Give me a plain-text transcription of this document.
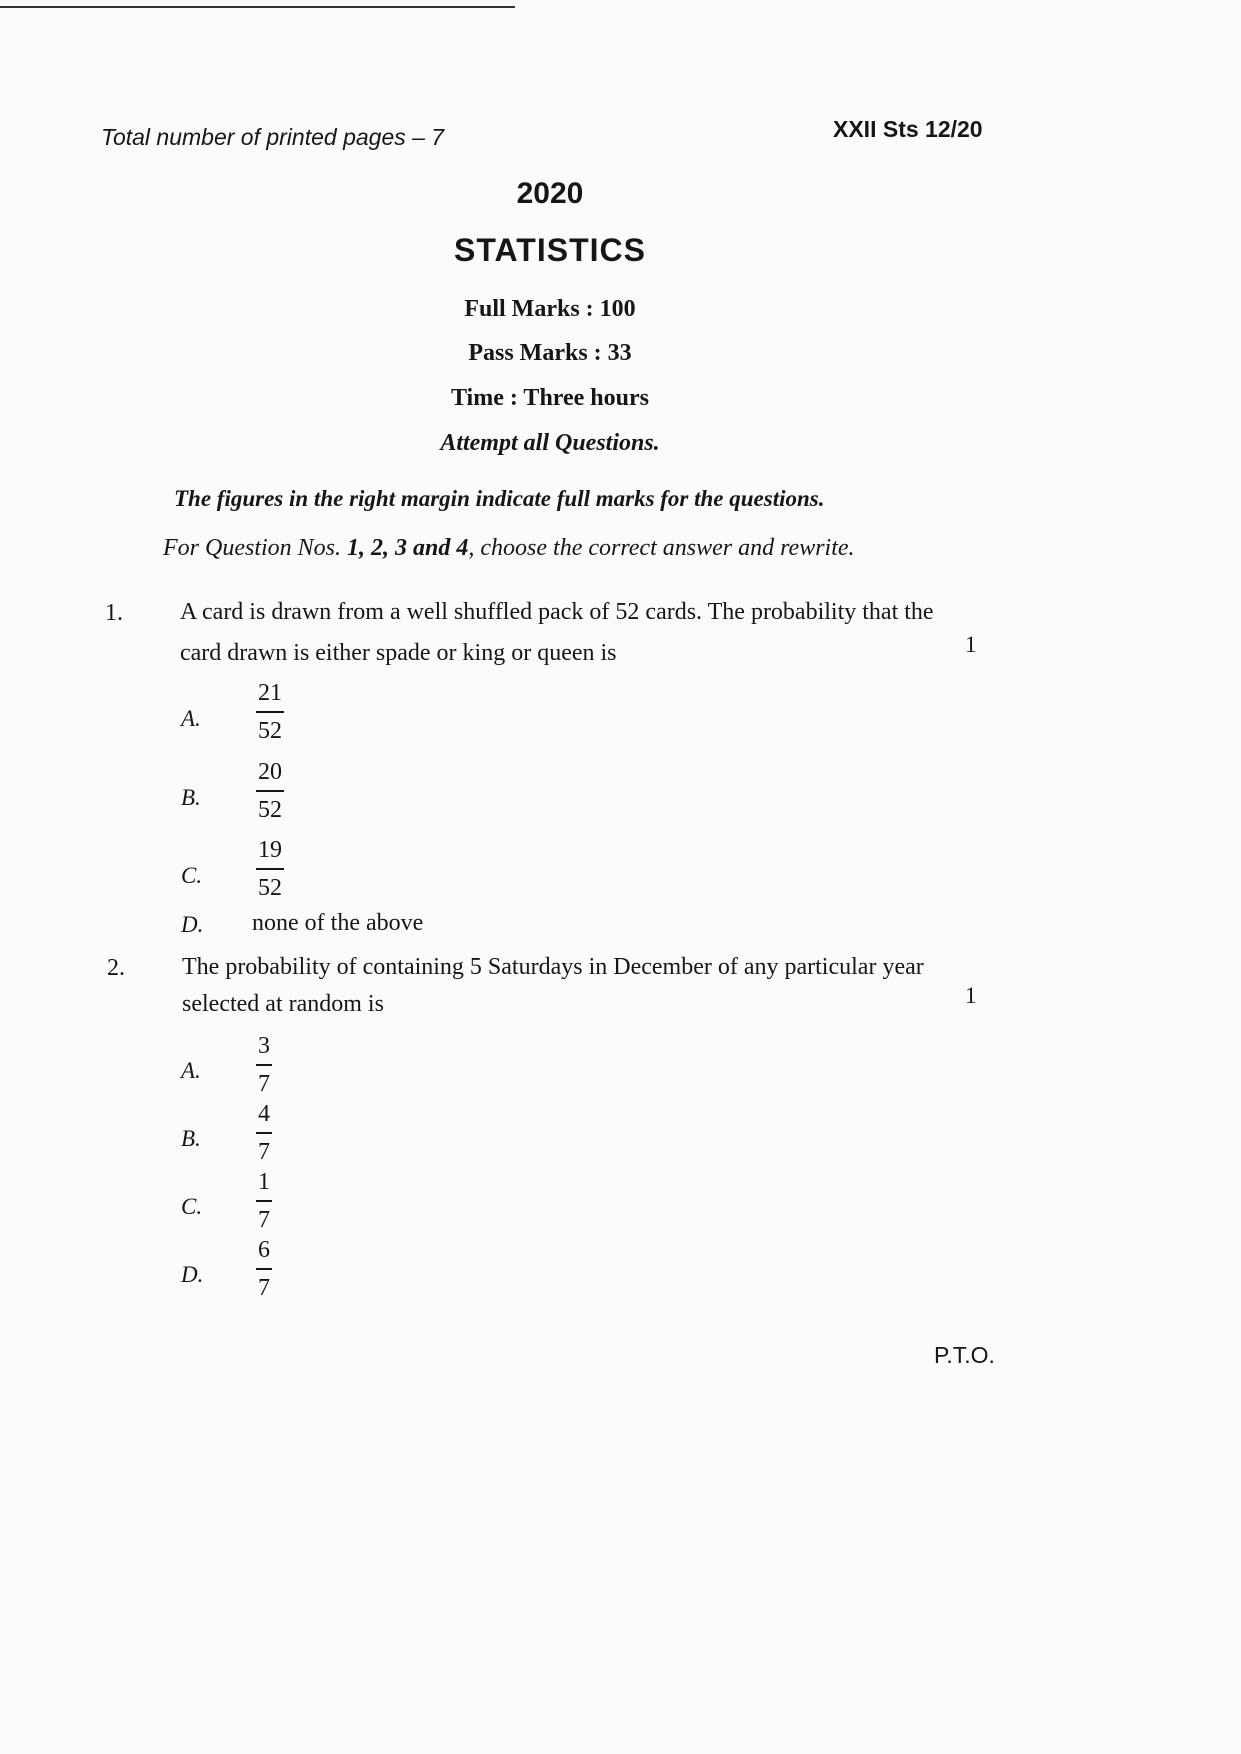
Total number of printed pages – 7	XXII Sts 12/20
2020
STATISTICS
Full Marks : 100
Pass Marks : 33
Time : Three hours
Attempt all Questions.
The figures in the right margin indicate full marks for the questions.
For Question Nos. 1, 2, 3 and 4, choose the correct answer and rewrite.
1. A card is drawn from a well shuffled pack of 52 cards. The probability that the
card drawn is either spade or king or queen is	1
A.
21
52
B.
20
52
C.
19
52
D. none of the above
2. The probability of containing 5 Saturdays in December of any particular year
selected at random is	1
A.
3
7
B.
4
7
C.
1
7
D.
6
7
P.T.O.
